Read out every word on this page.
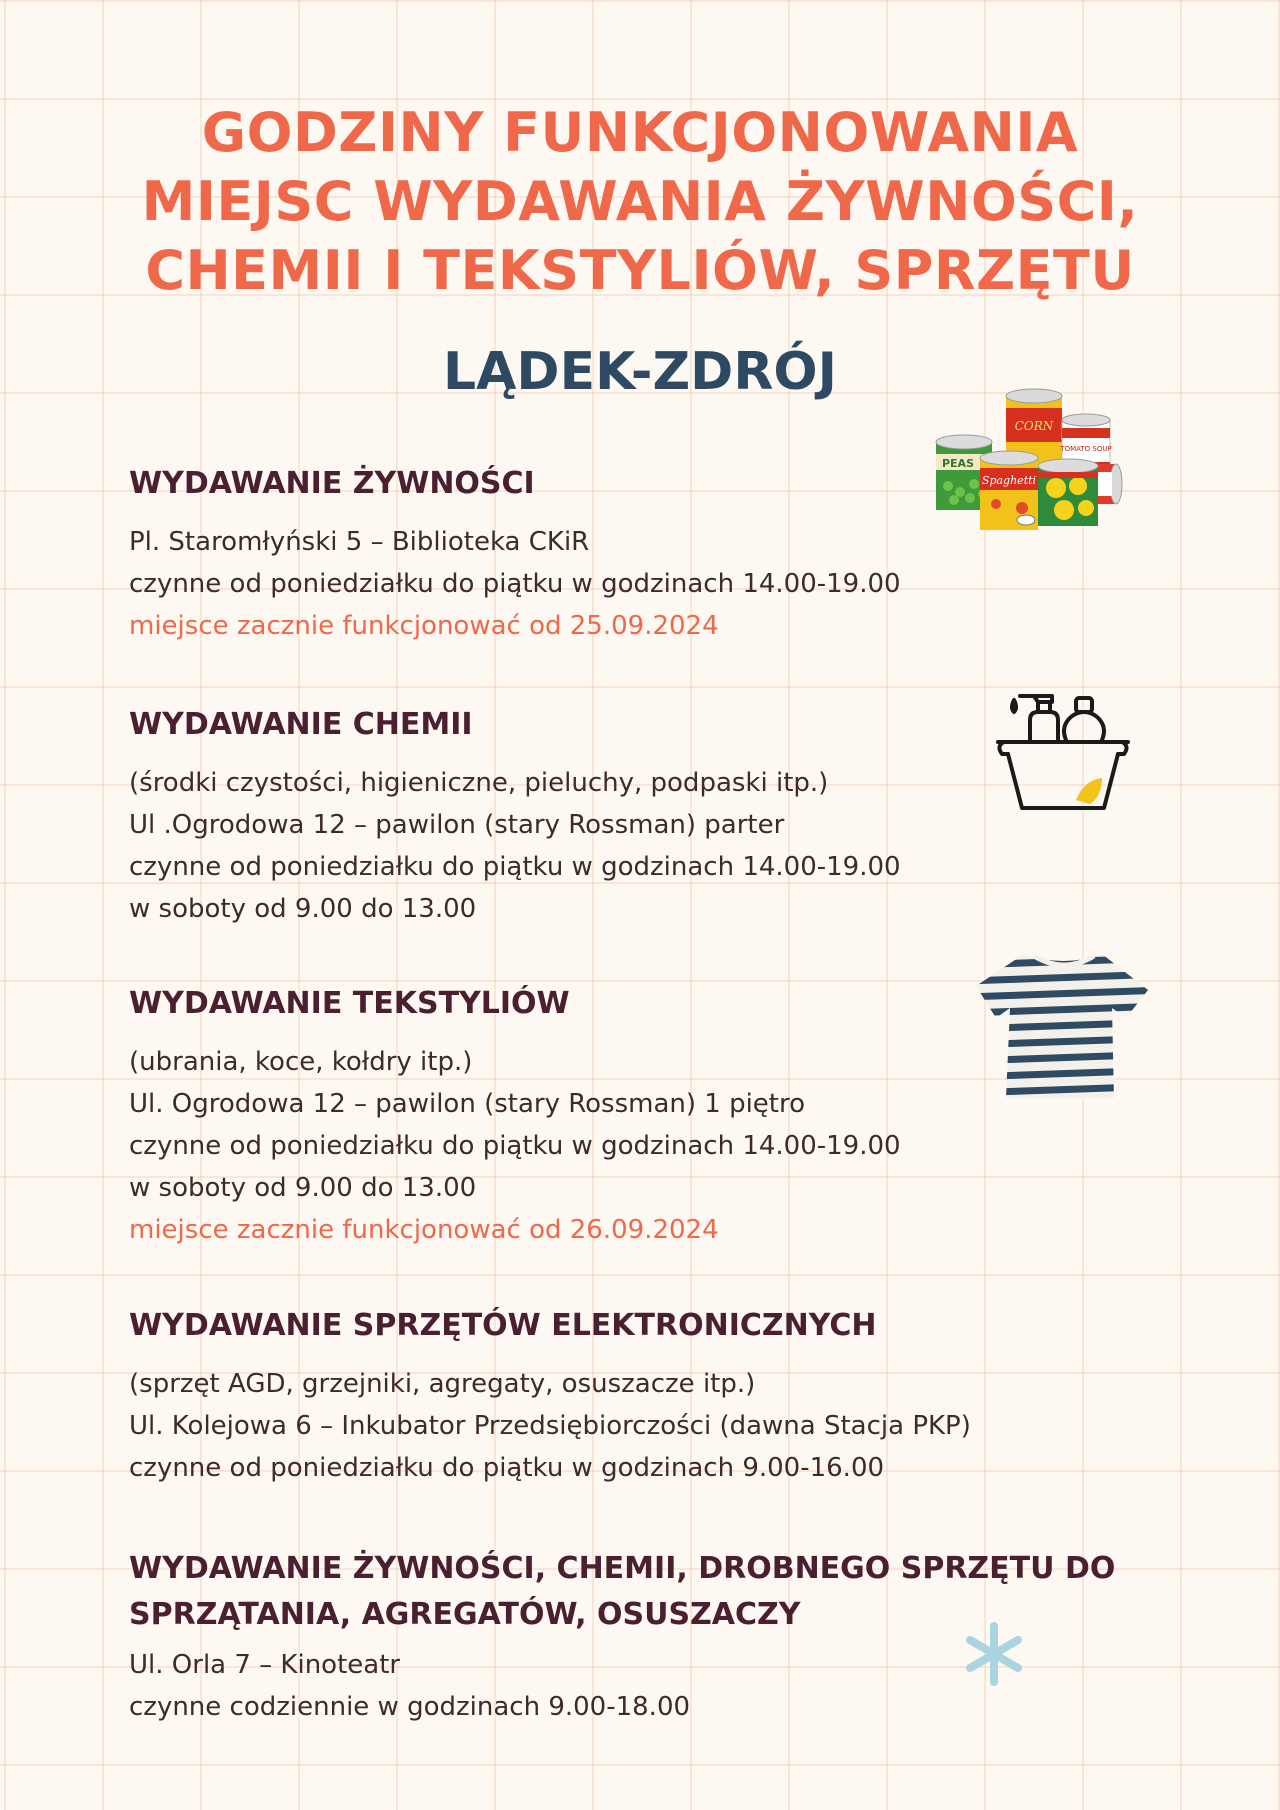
GODZINY FUNKCJONOWANIA
MIEJSC WYDAWANIA ŻYWNOŚCI,
CHEMII I TEKSTYLIÓW, SPRZĘTU
LĄDEK-ZDRÓJ
WYDAWANIE ŻYWNOŚCI
Pl. Staromłyński 5 – Biblioteka CKiR
czynne od poniedziałku do piątku w godzinach 14.00-19.00
miejsce zacznie funkcjonować od 25.09.2024
WYDAWANIE CHEMII
(środki czystości, higieniczne, pieluchy, podpaski itp.)
Ul .Ogrodowa 12 – pawilon (stary Rossman) parter
czynne od poniedziałku do piątku w godzinach 14.00-19.00
w soboty od 9.00 do 13.00
WYDAWANIE TEKSTYLIÓW
(ubrania, koce, kołdry itp.)
Ul. Ogrodowa 12 – pawilon (stary Rossman) 1 piętro
czynne od poniedziałku do piątku w godzinach 14.00-19.00
w soboty od 9.00 do 13.00
miejsce zacznie funkcjonować od 26.09.2024
WYDAWANIE SPRZĘTÓW ELEKTRONICZNYCH
(sprzęt AGD, grzejniki, agregaty, osuszacze itp.)
Ul. Kolejowa 6 – Inkubator Przedsiębiorczości (dawna Stacja PKP)
czynne od poniedziałku do piątku w godzinach 9.00-16.00
WYDAWANIE ŻYWNOŚCI, CHEMII, DROBNEGO SPRZĘTU DO
SPRZĄTANIA, AGREGATÓW, OSUSZACZY
Ul. Orla 7 – Kinoteatr
czynne codziennie w godzinach 9.00-18.00
CORN
TOMATO SOUP
PEAS
Spaghetti
